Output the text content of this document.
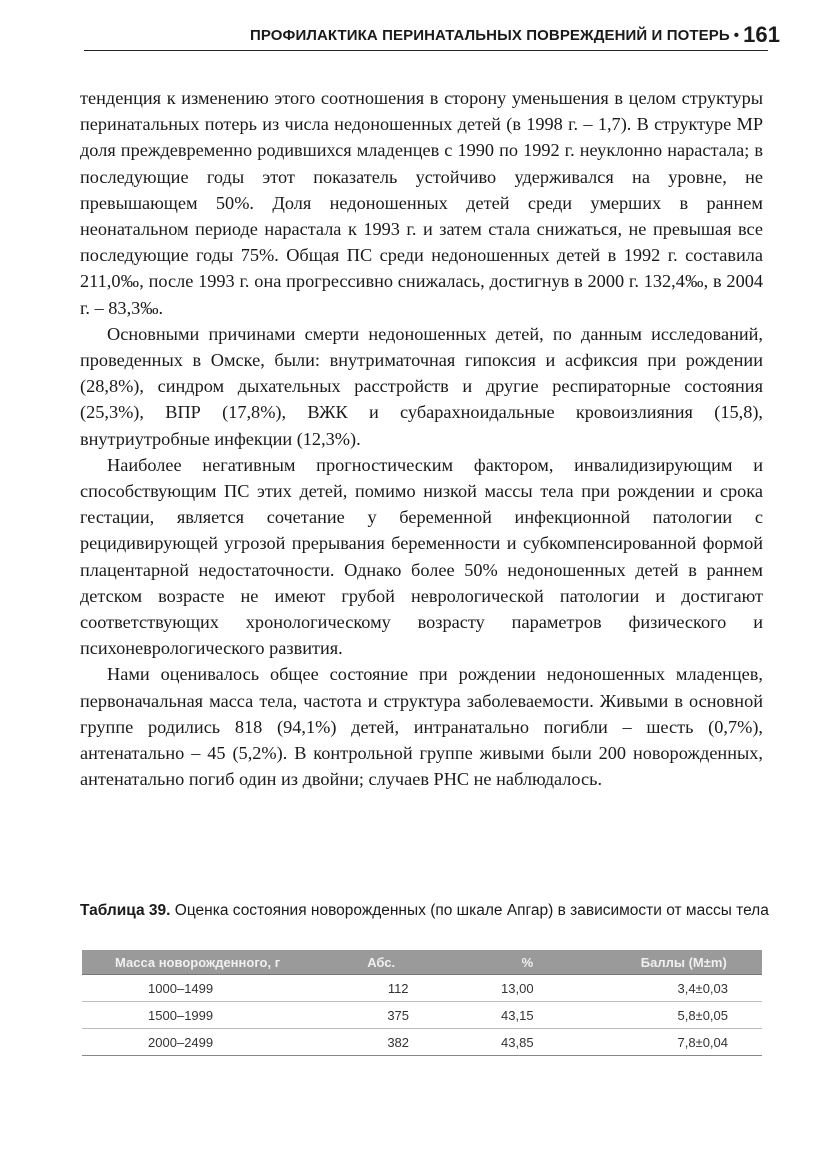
ПРОФИЛАКТИКА ПЕРИНАТАЛЬНЫХ ПОВРЕЖДЕНИЙ И ПОТЕРЬ • 161

тенденция к изменению этого соотношения в сторону уменьшения в целом структуры перинатальных потерь из числа недоношенных детей (в 1998 г. – 1,7). В структуре МР доля преждевременно родившихся младенцев с 1990 по 1992 г. неуклонно нарастала; в последующие годы этот показатель устойчиво удерживался на уровне, не превышающем 50%. Доля недоношенных детей среди умерших в раннем неонатальном периоде нарастала к 1993 г. и затем стала снижаться, не превышая все последующие годы 75%. Общая ПС среди недоношенных детей в 1992 г. составила 211,0‰, после 1993 г. она прогрессивно снижалась, достигнув в 2000 г. 132,4‰, в 2004 г. – 83,3‰.

Основными причинами смерти недоношенных детей, по данным исследований, проведенных в Омске, были: внутриматочная гипоксия и асфиксия при рождении (28,8%), синдром дыхательных расстройств и другие респираторные состояния (25,3%), ВПР (17,8%), ВЖК и субарахноидальные кровоизлияния (15,8), внутриутробные инфекции (12,3%).

Наиболее негативным прогностическим фактором, инвалидизирующим и способствующим ПС этих детей, помимо низкой массы тела при рождении и срока гестации, является сочетание у беременной инфекционной патологии с рецидивирующей угрозой прерывания беременности и субкомпенсированной формой плацентарной недостаточности. Однако более 50% недоношенных детей в раннем детском возрасте не имеют грубой неврологической патологии и достигают соответствующих хронологическому возрасту параметров физического и психоневрологического развития.

Нами оценивалось общее состояние при рождении недоношенных младенцев, первоначальная масса тела, частота и структура заболеваемости. Живыми в основной группе родились 818 (94,1%) детей, интранатально погибли – шесть (0,7%), антенатально – 45 (5,2%). В контрольной группе живыми были 200 новорожденных, антенатально погиб один из двойни; случаев РНС не наблюдалось.

Таблица 39. Оценка состояния новорожденных (по шкале Апгар) в зависимости от массы тела
Масса новорожденного, г	Абс.	%	Баллы (M±m)
1000–1499	112	13,00	3,4±0,03
1500–1999	375	43,15	5,8±0,05
2000–2499	382	43,85	7,8±0,04
